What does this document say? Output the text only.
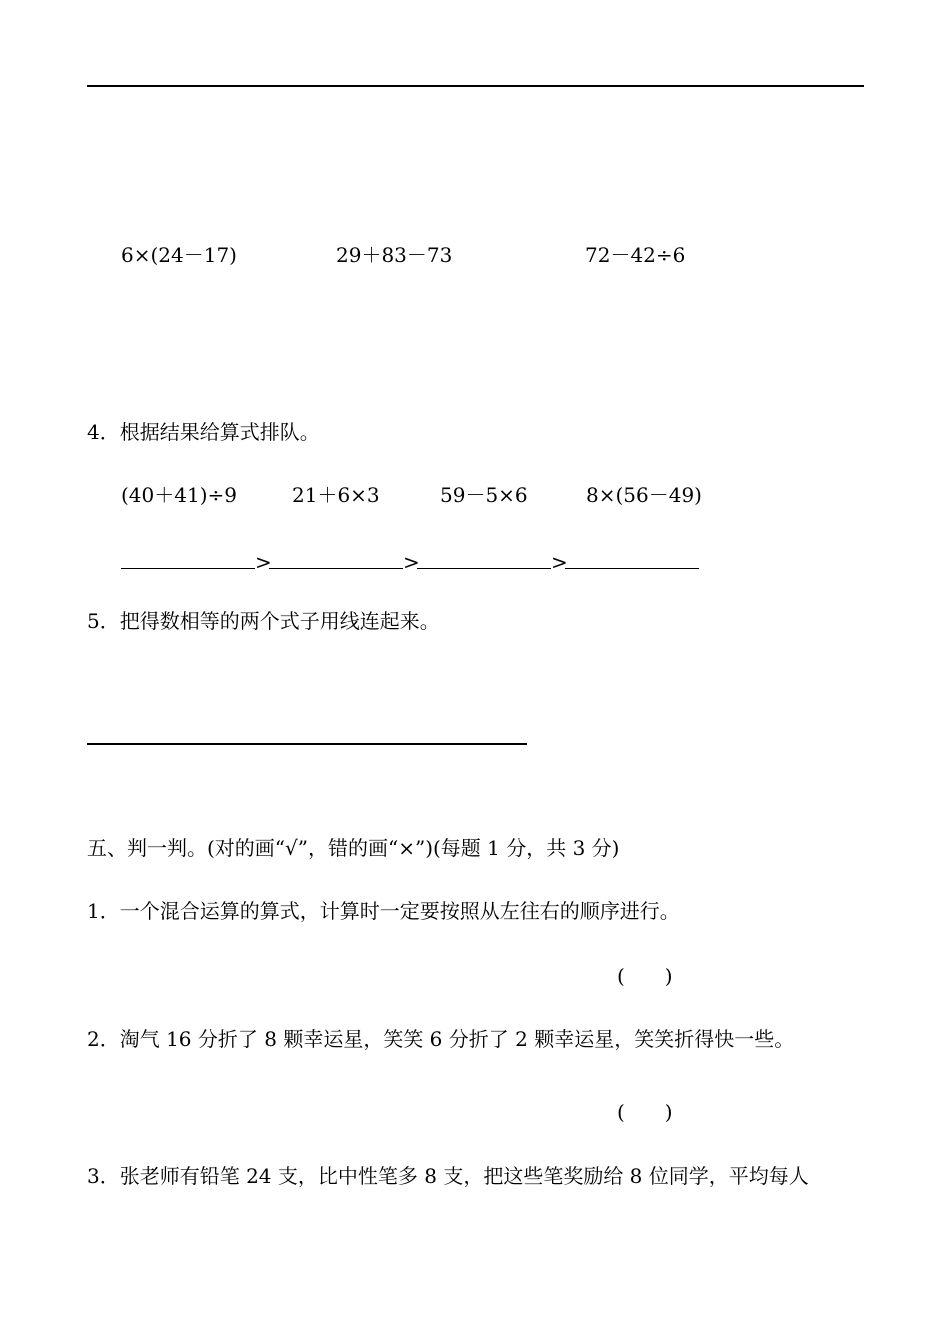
6×(24－17)	29＋83－73	72－42÷6
4．根据结果给算式排队。
(40＋41)÷9	21＋6×3	59－5×6	8×(56－49)
>	>	>
5．把得数相等的两个式子用线连起来。
五、判一判。(对的画“√”，错的画“×”)(每题 1 分，共 3 分)
1．一个混合运算的算式，计算时一定要按照从左往右的顺序进行。
(　　)
2．淘气 16 分折了 8 颗幸运星，笑笑 6 分折了 2 颗幸运星，笑笑折得快一些。
(　　)
3．张老师有铅笔 24 支，比中性笔多 8 支，把这些笔奖励给 8 位同学，平均每人
